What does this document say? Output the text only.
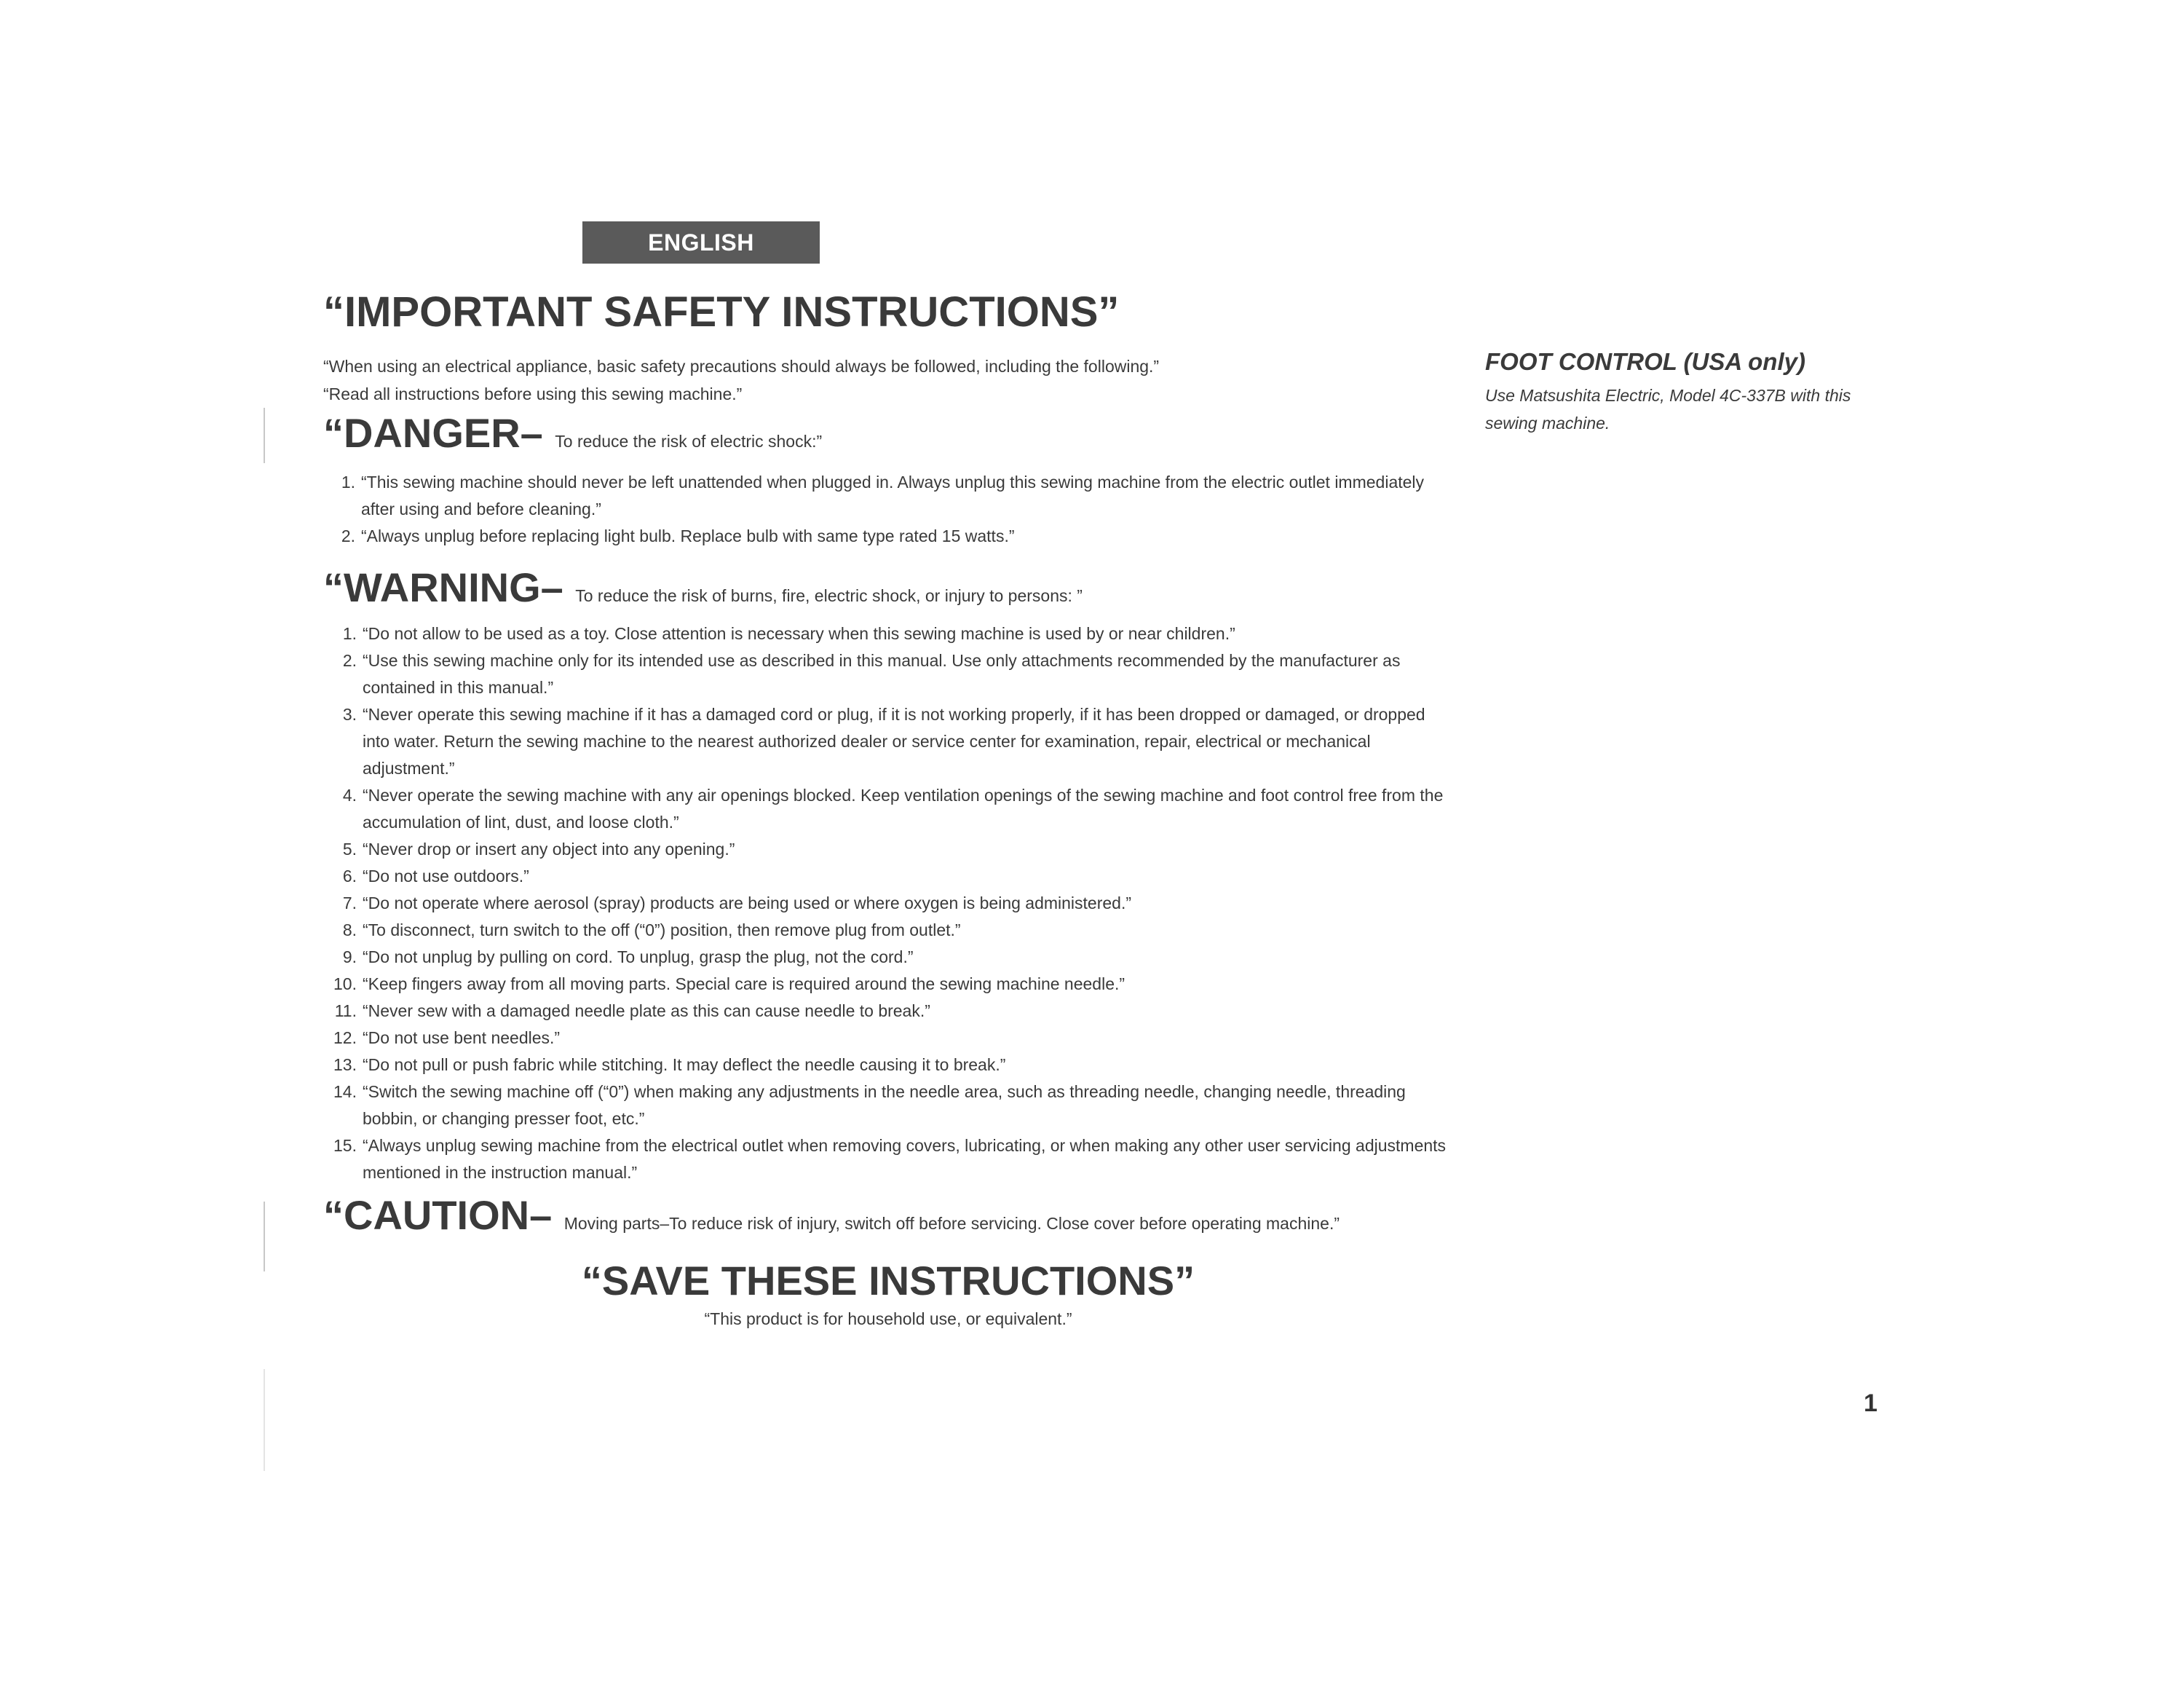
ENGLISH
“IMPORTANT SAFETY INSTRUCTIONS”
“When using an electrical appliance, basic safety precautions should always be followed, including the following.”
“Read all instructions before using this sewing machine.”
“DANGER– To reduce the risk of electric shock:”
1. “This sewing machine should never be left unattended when plugged in. Always unplug this sewing machine from the electric outlet immediately after using and before cleaning.”
2. “Always unplug before replacing light bulb. Replace bulb with same type rated 15 watts.”
“WARNING– To reduce the risk of burns, fire, electric shock, or injury to persons: ”
1. “Do not allow to be used as a toy. Close attention is necessary when this sewing machine is used by or near children.”
2. “Use this sewing machine only for its intended use as described in this manual. Use only attachments recommended by the manufacturer as contained in this manual.”
3. “Never operate this sewing machine if it has a damaged cord or plug, if it is not working properly, if it has been dropped or damaged, or dropped into water. Return the sewing machine to the nearest authorized dealer or service center for examination, repair, electrical or mechanical adjustment.”
4. “Never operate the sewing machine with any air openings blocked. Keep ventilation openings of the sewing machine and foot control free from the accumulation of lint, dust, and loose cloth.”
5. “Never drop or insert any object into any opening.”
6. “Do not use outdoors.”
7. “Do not operate where aerosol (spray) products are being used or where oxygen is being administered.”
8. “To disconnect, turn switch to the off (“0”) position, then remove plug from outlet.”
9. “Do not unplug by pulling on cord. To unplug, grasp the plug, not the cord.”
10. “Keep fingers away from all moving parts. Special care is required around the sewing machine needle.”
11. “Never sew with a damaged needle plate as this can cause needle to break.”
12. “Do not use bent needles.”
13. “Do not pull or push fabric while stitching. It may deflect the needle causing it to break.”
14. “Switch the sewing machine off (“0”) when making any adjustments in the needle area, such as threading needle, changing needle, threading bobbin, or changing presser foot, etc.”
15. “Always unplug sewing machine from the electrical outlet when removing covers, lubricating, or when making any other user servicing adjustments mentioned in the instruction manual.”
“CAUTION– Moving parts–To reduce risk of injury, switch off before servicing. Close cover before operating machine.”
“SAVE THESE INSTRUCTIONS”
“This product is for household use, or equivalent.”
FOOT CONTROL (USA only)
Use Matsushita Electric, Model 4C-337B with this sewing machine.
1
